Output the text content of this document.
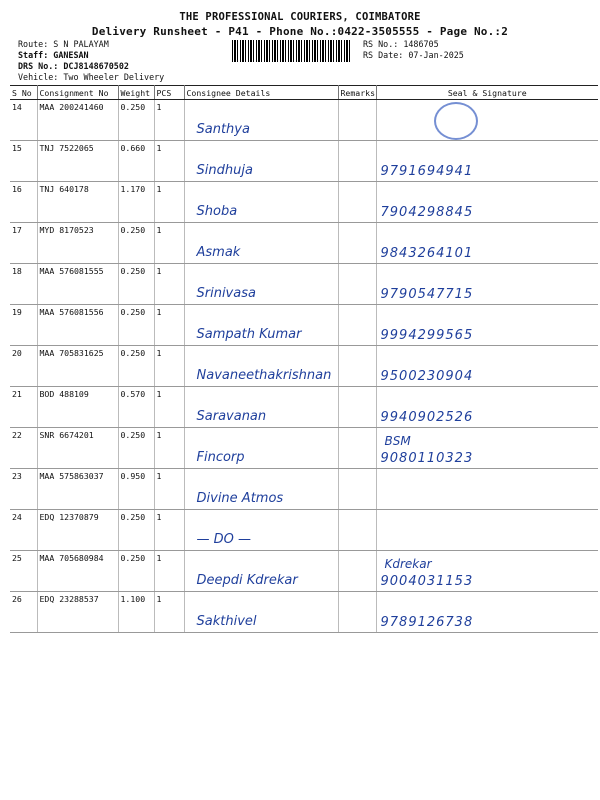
THE PROFESSIONAL COURIERS, COIMBATORE
Delivery Runsheet - P41 - Phone No.:0422-3505555 - Page No.:2
Route: S N PALAYAM
Staff: GANESAN
DRS No.: DCJ8148670502
Vehicle: Two Wheeler Delivery
RS No.: 1486705
RS Date: 07-Jan-2025
S No	Consignment No	Weight	PCS	Consignee Details	Remarks	Seal & Signature
14	MAA 200241460	0.250	1	Santhya		

15	TNJ 7522065	0.660	1	Sindhuja		9791694941

16	TNJ 640178	1.170	1	Shoba		7904298845

17	MYD 8170523	0.250	1	Asmak		9843264101

18	MAA 576081555	0.250	1	Srinivasa		9790547715

19	MAA 576081556	0.250	1	Sampath Kumar		9994299565

20	MAA 705831625	0.250	1	Navaneethakrishnan		9500230904

21	BOD 488109	0.570	1	Saravanan		9940902526

22	SNR 6674201	0.250	1	Fincorp		BSM
9080110323

23	MAA 575863037	0.950	1	Divine Atmos		

24	EDQ 12370879	0.250	1	— DO —		

25	MAA 705680984	0.250	1	Deepdi Kdrekar		Kdrekar
9004031153

26	EDQ 23288537	1.100	1	Sakthivel		9789126738
